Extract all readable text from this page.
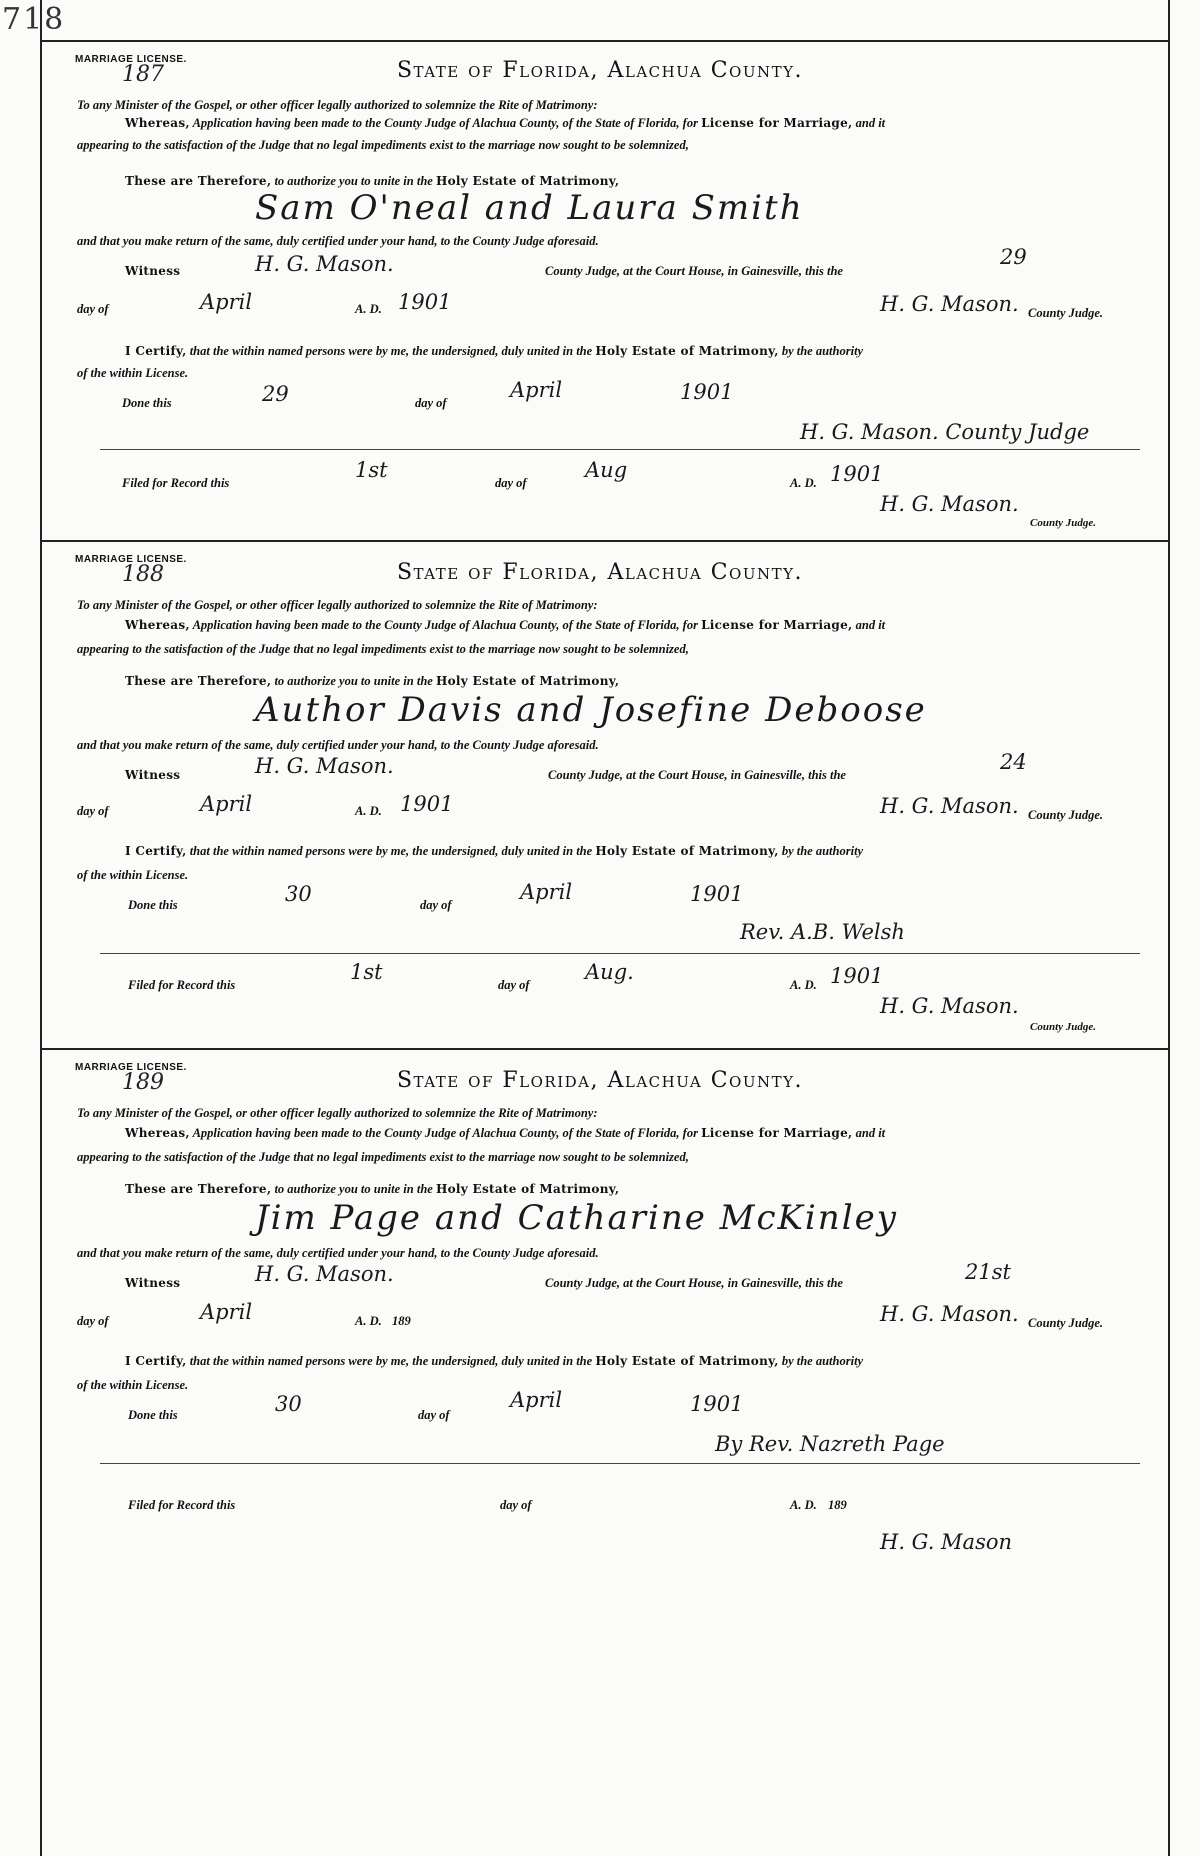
718
MARRIAGE LICENSE.
187	State of Florida, Alachua County.
To any Minister of the Gospel, or other officer legally authorized to solemnize the Rite of Matrimony:
Whereas, Application having been made to the County Judge of Alachua County, of the State of Florida, for License for Marriage, and it
appearing to the satisfaction of the Judge that no legal impediments exist to the marriage now sought to be solemnized,
These are Therefore, to authorize you to unite in the Holy Estate of Matrimony,
Sam O'neal and Laura Smith
and that you make return of the same, duly certified under your hand, to the County Judge aforesaid.
Witness	H. G. Mason.	County Judge, at the Court House, in Gainesville, this the
29
day of	April	A. D. 1901	H. G. Mason. County Judge.
I Certify, that the within named persons were by me, the undersigned, duly united in the Holy Estate of Matrimony, by the authority
of the within License.
Done this	29	day of
April	1901
H. G. Mason. County Judge
Filed for Record this
1st
day of
Aug
A. D. 1901
H. G. Mason.
County Judge.
MARRIAGE LICENSE.
188	State of Florida, Alachua County.
To any Minister of the Gospel, or other officer legally authorized to solemnize the Rite of Matrimony:
Whereas, Application having been made to the County Judge of Alachua County, of the State of Florida, for License for Marriage, and it
appearing to the satisfaction of the Judge that no legal impediments exist to the marriage now sought to be solemnized,
These are Therefore, to authorize you to unite in the Holy Estate of Matrimony,
Author Davis and Josefine Deboose
and that you make return of the same, duly certified under your hand, to the County Judge aforesaid.
Witness	H. G. Mason.	County Judge, at the Court House, in Gainesville, this the
24
day of	April	A. D. 1901	H. G. Mason. County Judge.
I Certify, that the within named persons were by me, the undersigned, duly united in the Holy Estate of Matrimony, by the authority
of the within License.
Done this	30	day of
April	1901
Rev. A.B. Welsh
Filed for Record this
1st
day of
Aug.
A. D. 1901
H. G. Mason.
County Judge.
MARRIAGE LICENSE.
189	State of Florida, Alachua County.
To any Minister of the Gospel, or other officer legally authorized to solemnize the Rite of Matrimony:
Whereas, Application having been made to the County Judge of Alachua County, of the State of Florida, for License for Marriage, and it
appearing to the satisfaction of the Judge that no legal impediments exist to the marriage now sought to be solemnized,
These are Therefore, to authorize you to unite in the Holy Estate of Matrimony,
Jim Page and Catharine McKinley
and that you make return of the same, duly certified under your hand, to the County Judge aforesaid.
Witness	H. G. Mason.	County Judge, at the Court House, in Gainesville, this the	21st
day of	April	A. D. 189	H. G. Mason. County Judge.
I Certify, that the within named persons were by me, the undersigned, duly united in the Holy Estate of Matrimony, by the authority
of the within License.
Done this	30	day of
April	1901
By Rev. Nazreth Page
Filed for Record this	day of	A. D. 189
H. G. Mason
